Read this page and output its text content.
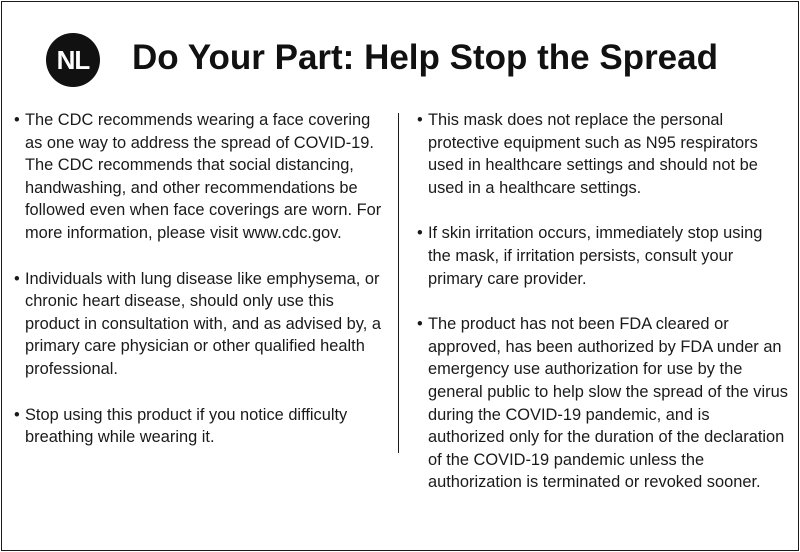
NL Do Your Part: Help Stop the Spread
• The CDC recommends wearing a face covering as one way to address the spread of COVID-19. The CDC recommends that social distancing, handwashing, and other recommendations be followed even when face coverings are worn. For more information, please visit www.cdc.gov.
• Individuals with lung disease like emphysema, or chronic heart disease, should only use this product in consultation with, and as advised by, a primary care physician or other qualified health professional.
• Stop using this product if you notice difficulty breathing while wearing it.
• This mask does not replace the personal protective equipment such as N95 respirators used in healthcare settings and should not be used in a healthcare settings.
• If skin irritation occurs, immediately stop using the mask, if irritation persists, consult your primary care provider.
• The product has not been FDA cleared or approved, has been authorized by FDA under an emergency use authorization for use by the general public to help slow the spread of the virus during the COVID-19 pandemic, and is authorized only for the duration of the declaration of the COVID-19 pandemic unless the authorization is terminated or revoked sooner.
